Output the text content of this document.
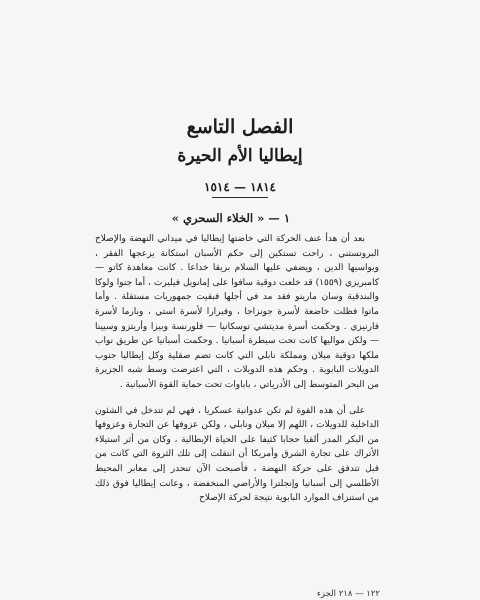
الفصل التاسع
إيطاليا الأم الحيرة
١٨١٤ — ١٥١٤
١ — « الخلاء السحري »

بعد أن هدأ عنف الحركة التي خاضتها إيطاليا في ميداني النهضة والإصلاح البروتستني ، راحت تستكين إلى حكم الأسبان استكانة يزعجها الفقر ، ويواسيها الدين ، ويضفي عليها السلام بريقا خداعا . كانت معاهدة كاتو — كامبريزي (١٥٥٩) قد خلعت دوقية سافوا على إمانويل فيليرت ، أما جنوا ولوكا والبندقية وسان مارينو فقد مد في أجلها فبقيت جمهوريات مستقلة . وأما ماتوا فظلت خاضعة لأسرة جونزاجا ، وفيرارا لأسرة استي ، وبارما لأسرة فارنيزي . وحكمت أسرة مديتشي توسكانيا — فلورنسة وبيزا وأريتزو وسيينا — ولكن مواليها كانت تحت سيطرة أسبانيا . وحكمت أسبانيا عن طريق نواب ملكها دوقية ميلان ومملكة نابلي التي كانت تضم صقلية وكل إيطاليا جنوب الدويلات البابوية . وحكم هذه الدويلات ، التي اعترضت وسط شبه الجزيرة من البحر المتوسط إلى الأدرياتي ، باباوات تحت حماية القوة الأسبانية .

على أن هذه القوة لم تكن عدوانية عسكريا ، فهي لم تتدخل في الشئون الداخلية للدويلات ، اللهم إلا ميلان ونابلي ، ولكن عزوفها عن التجارة وعزوفها من البكر المدر ألقيا حجابا كثيفا على الحياة الإيطالية ، وكان من أثر استيلاء الأتراك على تجارة الشرق وأمريكا أن انتقلت إلى تلك الثروة التي كانت من قبل تتدفق على حركة النهضة ، فأصبحت الآن تنحدر إلى معابر المحيط الأطلسي إلى أسبانيا وإنجلترا والأراضي المنخفضة ، وعانت إيطاليا فوق ذلك من استنزاف الموارد البابوية نتيجة لحركة الإصلاح

١٢٢ — ٢١٨ الجزء
